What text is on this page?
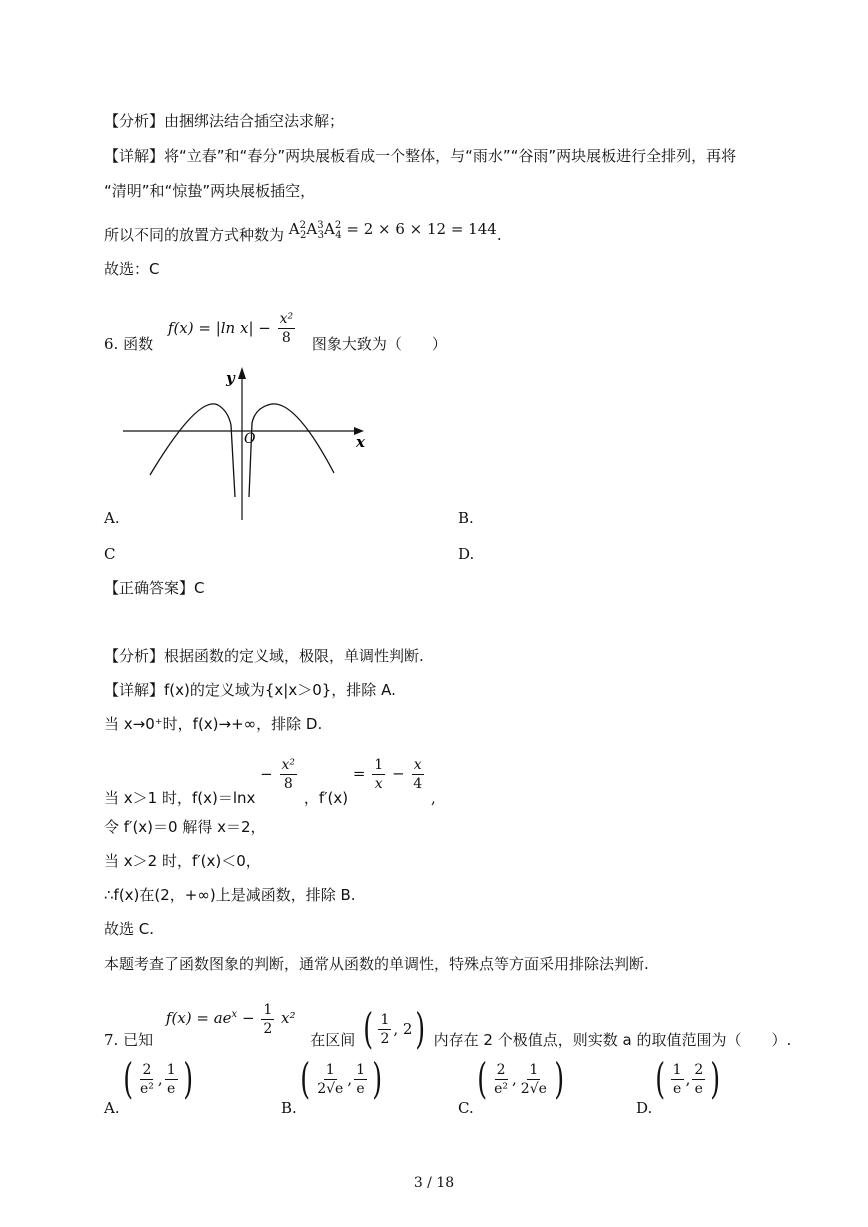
【分析】由捆绑法结合插空法求解；
【详解】将“立春”和“春分”两块展板看成一个整体，与“雨水”“谷雨”两块展板进行全排列，再将
“清明”和“惊蛰”两块展板插空，
所以不同的放置方式种数为 $A^2_2A^3_3A^2_4 = 2 \times 6 \times 12 = 144$.
故选：C
6. 函数 f(x) = |ln $x| - \frac{\text{x²}}{8}$ 图象大致为（　　）
y
x
O
A.	B.
C	D.
【正确答案】C
【分析】根据函数的定义域，极限，单调性判断.
【详解】f(x)的定义域为{x|x＞0}，排除 A.
当 x→0⁺时，f(x)→+∞，排除 D.
当 x＞1 时，$f(x)=\ln x - \frac{\text{x²}}{8}$
，$f'(x) = \frac{1}{x} - \frac{x}{4}$
,
令 f′(x)＝0 解得 x＝2，
当 x＞2 时，f′(x)＜0，
∴f(x)在(2，+∞)上是减函数，排除 B.
故选 C.
本题考查了函数图象的判断，通常从函数的单调性，特殊点等方面采用排除法判断.
7. 已知 $f(x) = ae^x - \frac{1}{2} x^2$ 在区间 ( $\frac{1}{2}$ , 2 ) 内存在 2 个极值点，则实数 a 的取值范围为（　　）.
A.
( $\frac{2}{\text{e²}}$ , $\frac{1}{e}$ )
B.
( $\frac{1}{2√e}$ , $\frac{1}{e}$ )
C.
( $\frac{2}{\text{e²}}$ , $\frac{1}{2√e}$ )
D.
( $\frac{1}{e}$ , $\frac{2}{e}$ )
3 / 18
